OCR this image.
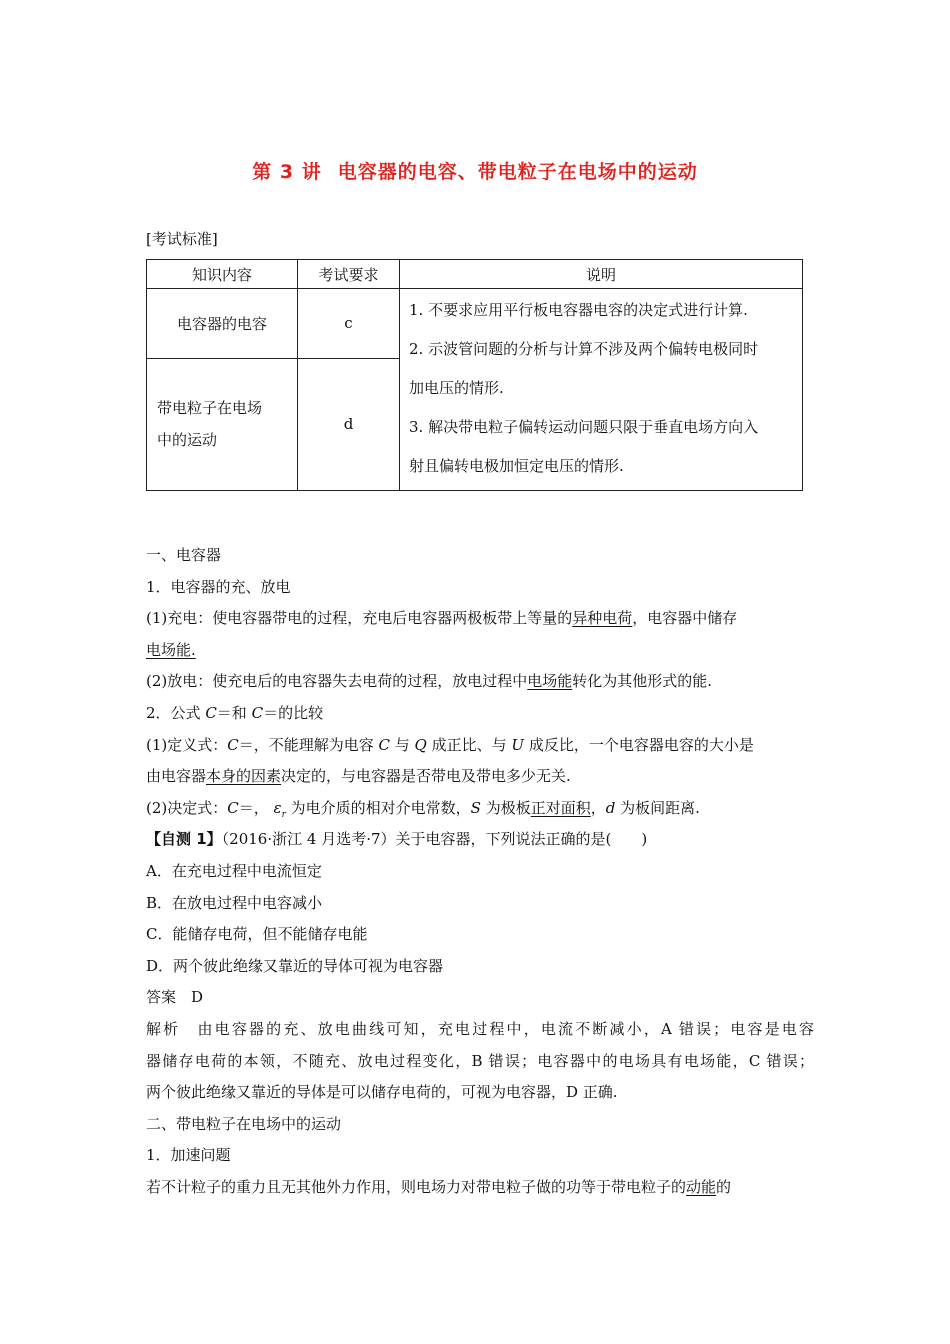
第 3 讲 电容器的电容、带电粒子在电场中的运动
[考试标准]
知识内容	考试要求	说明
电容器的电容	c	1. 不要求应用平行板电容器电容的决定式进行计算.
2. 示波管问题的分析与计算不涉及两个偏转电极同时
加电压的情形.
3. 解决带电粒子偏转运动问题只限于垂直电场方向入
射且偏转电极加恒定电压的情形.

带电粒子在电场
中的运动	d	
一、电容器
1．电容器的充、放电
(1)充电：使电容器带电的过程，充电后电容器两极板带上等量的异种电荷，电容器中储存
电场能.
(2)放电：使充电后的电容器失去电荷的过程，放电过程中电场能转化为其他形式的能.
2．公式 C＝和 C＝的比较
(1)定义式：C＝，不能理解为电容 C 与 Q 成正比、与 U 成反比，一个电容器电容的大小是
由电容器本身的因素决定的，与电容器是否带电及带电多少无关.
(2)决定式：C＝， $\varepsilon_r$ 为电介质的相对介电常数，S 为极板正对面积，d 为板间距离.
【自测 1】（2016·浙江 4 月选考·7）关于电容器，下列说法正确的是(　　)
A．在充电过程中电流恒定
B．在放电过程中电容减小
C．能储存电荷，但不能储存电能
D．两个彼此绝缘又靠近的导体可视为电容器
答案　D
解析　由电容器的充、放电曲线可知，充电过程中，电流不断减小，A 错误；电容是电容
器储存电荷的本领，不随充、放电过程变化，B 错误；电容器中的电场具有电场能，C 错误；
两个彼此绝缘又靠近的导体是可以储存电荷的，可视为电容器，D 正确.
二、带电粒子在电场中的运动
1．加速问题
若不计粒子的重力且无其他外力作用，则电场力对带电粒子做的功等于带电粒子的动能的
